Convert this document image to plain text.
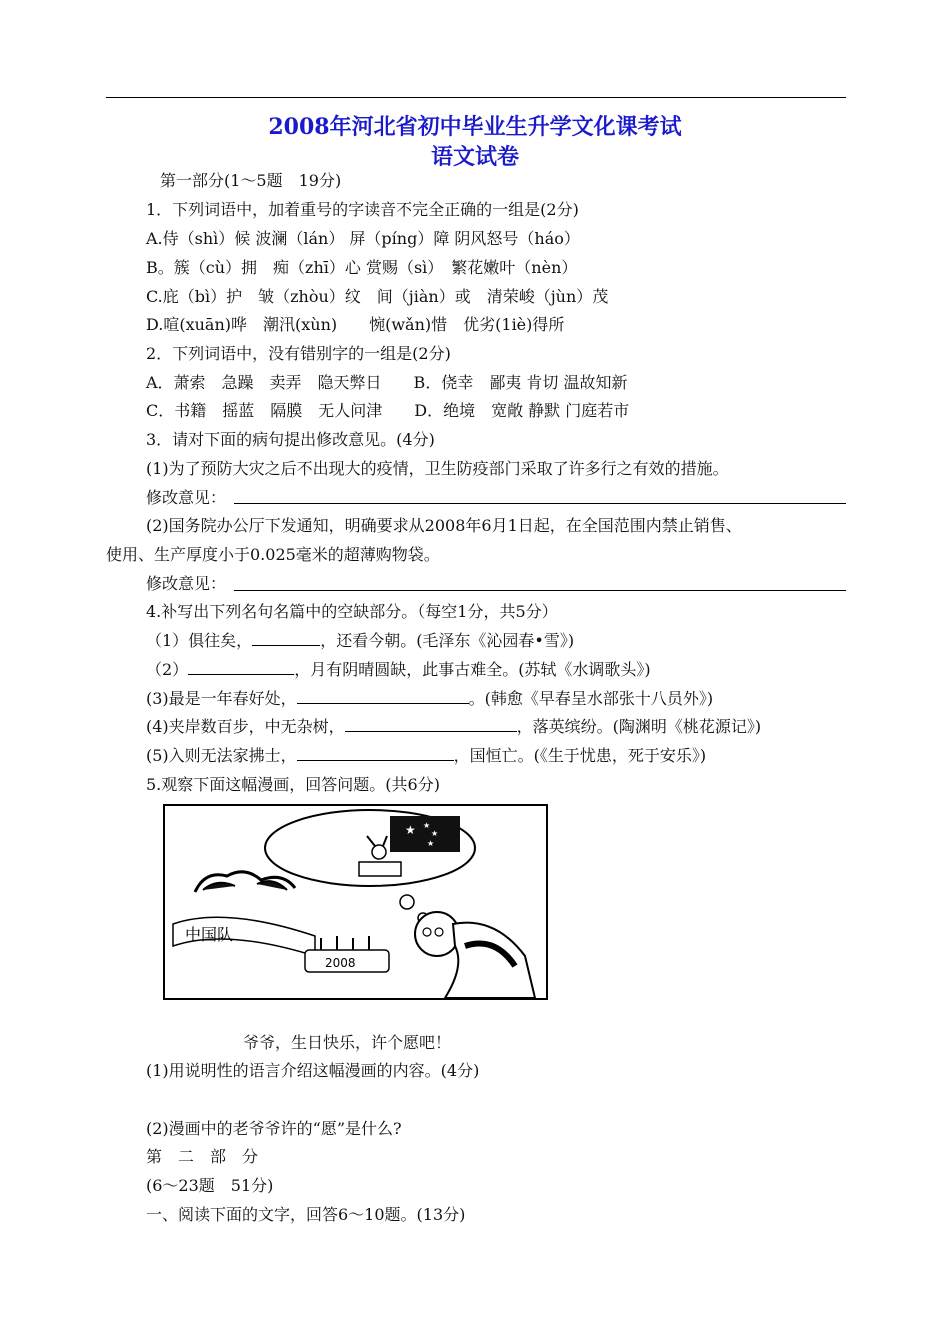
2008年河北省初中毕业生升学文化课考试
语文试卷
第一部分(1～5题　19分)
1．下列词语中，加着重号的字读音不完全正确的一组是(2分)
A.侍（shì）候 波澜（lán） 屏（píng）障 阴风怒号（háo）
B。簇（cù）拥　痴（zhī）心 赏赐（sì）　繁花嫩叶（nèn）
C.庇（bì）护　皱（zhòu）纹　间（jiàn）或　清荣峻（jùn）茂
D.喧(xuān)哗　潮汛(xùn)　　惋(wǎn)惜　优劣(1iè)得所
2．下列词语中，没有错别字的一组是(2分)
A．萧索　急躁　卖弄　隐天弊日　　B．侥幸　鄙夷 肯切 温故知新
C．书籍　摇蓝　隔膜　无人问津　　D．绝境　宽敞 静默 门庭若市
3．请对下面的病句提出修改意见。(4分)
(1)为了预防大灾之后不出现大的疫情，卫生防疫部门采取了许多行之有效的措施。
修改意见：
(2)国务院办公厅下发通知，明确要求从2008年6月1日起，在全国范围内禁止销售、
使用、生产厚度小于0.025毫米的超薄购物袋。
修改意见：
4.补写出下列名句名篇中的空缺部分。（每空1分，共5分）
（1）俱往矣，	，还看今朝。(毛泽东《沁园春•雪》)
（2）	，月有阴晴圆缺，此事古难全。(苏轼《水调歌头》)
(3)最是一年春好处，	。(韩愈《早春呈水部张十八员外》)
(4)夹岸数百步，中无杂树，	，落英缤纷。(陶渊明《桃花源记》)
(5)入则无法家拂士，	，国恒亡。(《生于忧患，死于安乐》)
5.观察下面这幅漫画，回答问题。(共6分)
★ ★
★
★
中国队
2008
爷爷，生日快乐，许个愿吧！
(1)用说明性的语言介绍这幅漫画的内容。(4分)
(2)漫画中的老爷爷许的“愿”是什么?
第　二　部　分
(6～23题　51分)
一、阅读下面的文字，回答6～10题。(13分)
